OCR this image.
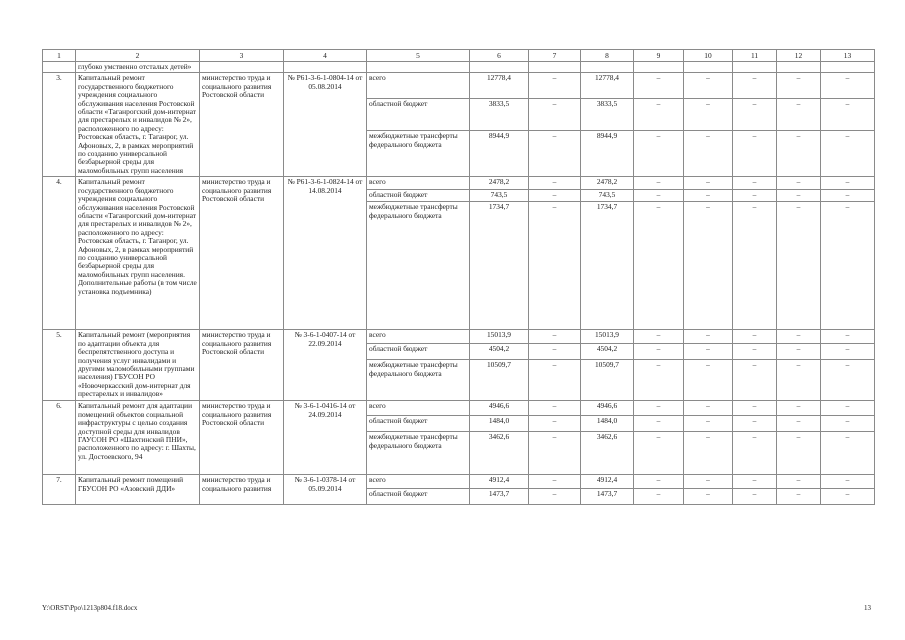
1	2	3	4	5	6	7	8	9	10	11	12	13
	глубоко умственно отсталых детей»											
3.	Капитальный ремонт государственного бюджетного учреждения социального обслуживания населения Ростовской области «Таганрогский дом-интернат для престарелых и инвалидов № 2», расположенного по адресу: Ростовская область, г. Таганрог, ул. Афоновых, 2, в рамках мероприятий по созданию универсальной безбарьерной среды для маломобильных групп населения	министерство труда и социального развития Ростовской области	№ Р61-3-6-1-0804-14 от 05.08.2014	всего	12778,4	–	12778,4	–	–	–	–	–
				областной бюджет	3833,5	–	3833,5	–	–	–	–	–
				межбюджетные трансферты федерального бюджета	8944,9	–	8944,9	–	–	–	–	–
4.	Капитальный ремонт государственного бюджетного учреждения социального обслуживания населения Ростовской области «Таганрогский дом-интернат для престарелых и инвалидов № 2», расположенного по адресу: Ростовская область, г. Таганрог, ул. Афоновых, 2, в рамках мероприятий по созданию универсальной безбарьерной среды для маломобильных групп населения. Дополнительные работы (в том числе установка подъемника)	министерство труда и социального развития Ростовской области	№ Р61-3-6-1-0824-14 от 14.08.2014	всего	2478,2	–	2478,2	–	–	–	–	–
				областной бюджет	743,5	–	743,5	–	–	–	–	–
				межбюджетные трансферты федерального бюджета	1734,7	–	1734,7	–	–	–	–	–
5.	Капитальный ремонт (мероприятия по адаптации объекта для беспрепятственного доступа и получения услуг инвалидами и другими маломобильными группами населения) ГБУСОН РО «Новочеркасский дом-интернат для престарелых и инвалидов»	министерство труда и социального развития Ростовской области	№ 3-6-1-0407-14 от 22.09.2014	всего	15013,9	–	15013,9	–	–	–	–	–
				областной бюджет	4504,2	–	4504,2	–	–	–	–	–
				межбюджетные трансферты федерального бюджета	10509,7	–	10509,7	–	–	–	–	–
6.	Капитальный ремонт для адаптации помещений объектов социальной инфраструктуры с целью создания доступной среды для инвалидов ГАУСОН РО «Шахтинский ПНИ», расположенного по адресу: г. Шахты, ул. Достоевского, 94	министерство труда и социального развития Ростовской области	№ 3-6-1-0416-14 от 24.09.2014	всего	4946,6	–	4946,6	–	–	–	–	–
				областной бюджет	1484,0	–	1484,0	–	–	–	–	–
				межбюджетные трансферты федерального бюджета	3462,6	–	3462,6	–	–	–	–	–
7.	Капитальный ремонт помещений ГБУСОН РО «Азовский ДДИ»	министерство труда и социального развития	№ 3-6-1-0378-14 от 05.09.2014	всего	4912,4	–	4912,4	–	–	–	–	–
				областной бюджет	1473,7	–	1473,7	–	–	–	–	–
Y:\ORST\Ppo\1213p804.f18.docx	13
